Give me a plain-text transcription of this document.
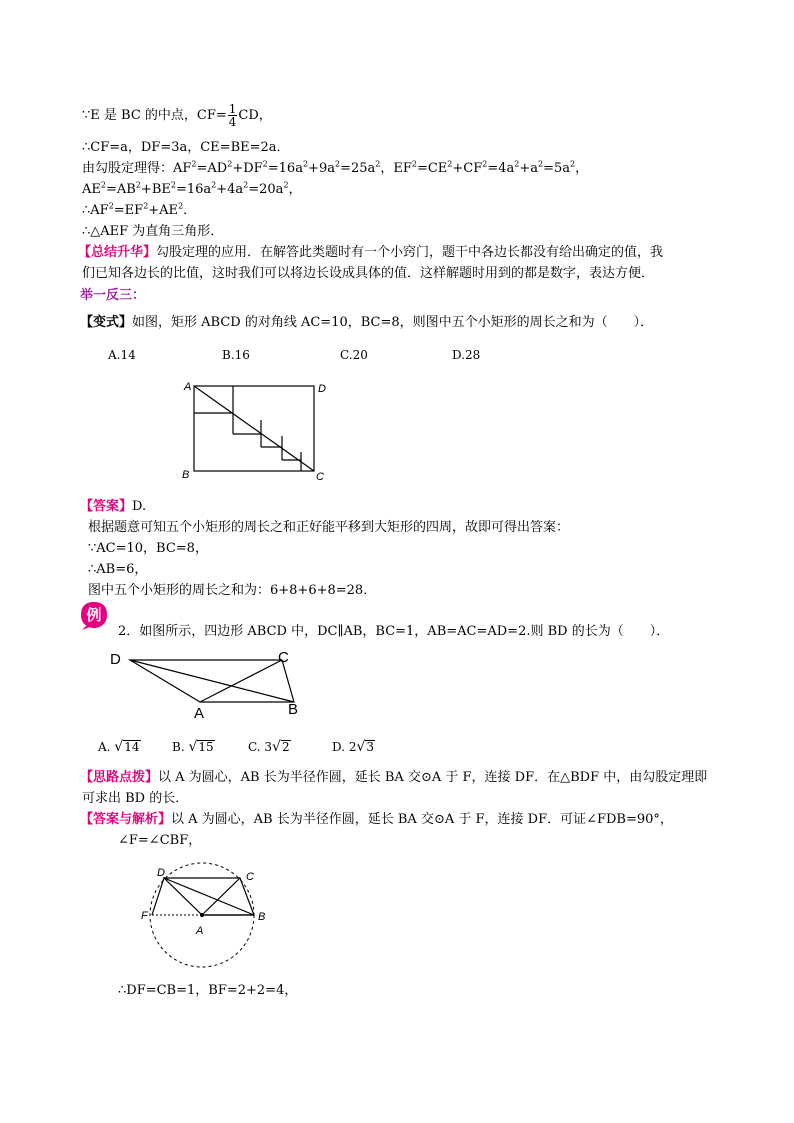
∵E 是 BC 的中点，$CF= \frac{1}{4}$ CD，
∴CF=a，DF=3a，CE=BE=2a．
由勾股定理得：$AF^2=AD^2+DF^2=16a^2+9a^2=25a^2$，$EF^2=CE^2+CF^2=4a^2+a^2=5a^2$，
$AE^2=AB^2+BE^2=16a^2+4a^2=20a^2$，
$\therefore AF^2=EF^2+AE^2$．
∴△AEF 为直角三角形．
【总结升华】勾股定理的应用．在解答此类题时有一个小窍门，题干中各边长都没有给出确定的值，我
们已知各边长的比值，这时我们可以将边长设成具体的值．这样解题时用到的都是数字，表达方便．
举一反三：
【变式】如图，矩形 ABCD 的对角线 AC=10，BC=8，则图中五个小矩形的周长之和为（　　）．
A.14	B.16	C.20	D.28
A	D
B	C
【答案】D.
根据题意可知五个小矩形的周长之和正好能平移到大矩形的四周，故即可得出答案：
∵AC=10，BC=8，
∴AB=6，
图中五个小矩形的周长之和为：6+8+6+8=28．
例
2．如图所示，四边形 ABCD 中，DC∥AB，BC=1，AB=AC=AD=2.则 BD 的长为（　　）．
D	C
A	B
A. √14	B. √15	C. 3√2	D. 2√3
【思路点拨】以 A 为圆心，AB 长为半径作圆，延长 BA 交⊙A 于 F，连接 DF．在△BDF 中，由勾股定理即
可求出 BD 的长．
【答案与解析】以 A 为圆心，AB 长为半径作圆，延长 BA 交⊙A 于 F，连接 DF．可证∠FDB=90°，
∠F=∠CBF，
D	C
F	B
A
∴DF=CB=1，BF=2+2=4，
